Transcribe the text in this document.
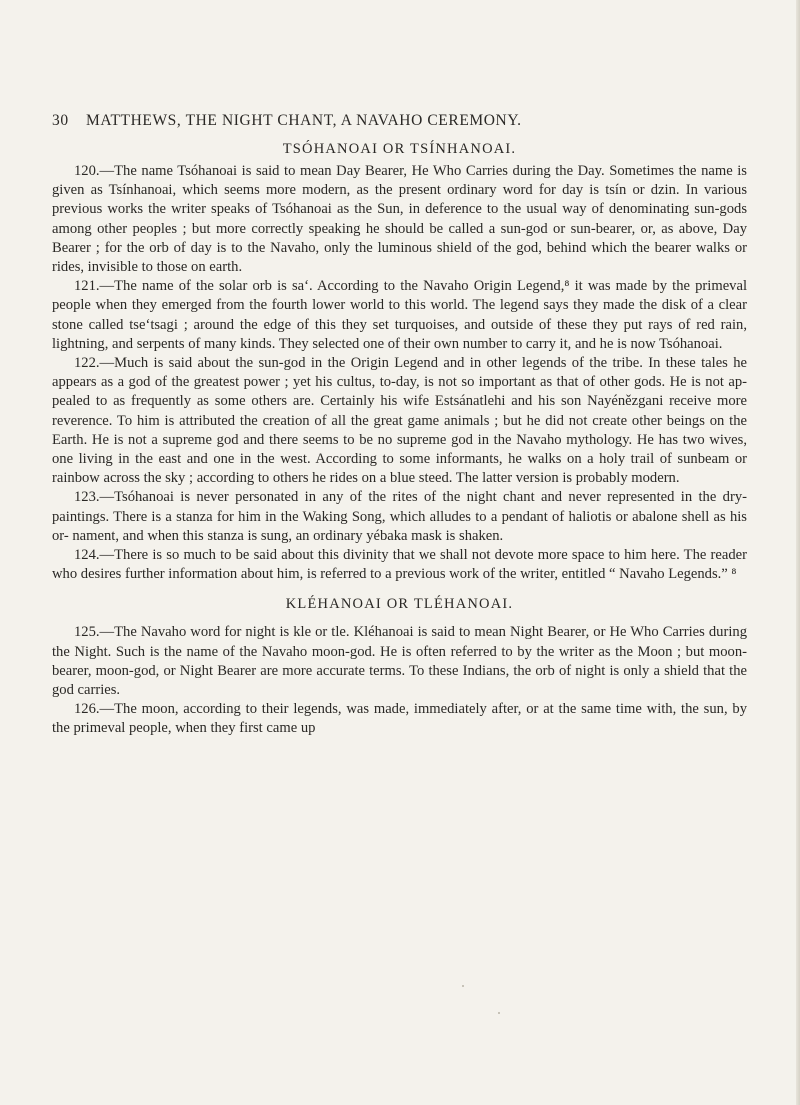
30 MATTHEWS, THE NIGHT CHANT, A NAVAHO CEREMONY.
TSÓHANOAI OR TSÍNHANOAI.

120.—The name Tsóhanoai is said to mean Day Bearer, He Who Carries during the Day. Sometimes the name is given as Tsínhanoai, which seems more modern, as the present ordinary word for day is tsín or dzin. In various previous works the writer speaks of Tsóhanoai as the Sun, in deference to the usual way of denominating sun-gods among other peoples ; but more correctly speaking he should be called a sun-god or sun-bearer, or, as above, Day Bearer ; for the orb of day is to the Navaho, only the luminous shield of the god, behind which the bearer walks or rides, invisible to those on earth.

121.—The name of the solar orb is sa‘. According to the Navaho Origin Legend,⁸ it was made by the primeval people when they emerged from the fourth lower world to this world. The legend says they made the disk of a clear stone called tse‘tsagi ; around the edge of this they set turquoises, and outside of these they put rays of red rain, lightning, and serpents of many kinds. They selected one of their own number to carry it, and he is now Tsóhanoai.

122.—Much is said about the sun-god in the Origin Legend and in other legends of the tribe. In these tales he appears as a god of the greatest power ; yet his cultus, to-day, is not so important as that of other gods. He is not ap- pealed to as frequently as some others are. Certainly his wife Estsánatlehi and his son Nayénězgani receive more reverence. To him is attributed the creation of all the great game animals ; but he did not create other beings on the Earth. He is not a supreme god and there seems to be no supreme god in the Navaho mythology. He has two wives, one living in the east and one in the west. According to some informants, he walks on a holy trail of sunbeam or rainbow across the sky ; according to others he rides on a blue steed. The latter version is probably modern.

123.—Tsóhanoai is never personated in any of the rites of the night chant and never represented in the dry-paintings. There is a stanza for him in the Waking Song, which alludes to a pendant of haliotis or abalone shell as his or- nament, and when this stanza is sung, an ordinary yébaka mask is shaken.

124.—There is so much to be said about this divinity that we shall not devote more space to him here. The reader who desires further information about him, is referred to a previous work of the writer, entitled “ Navaho Legends.” ⁸

KLÉHANOAI OR TLÉHANOAI.

125.—The Navaho word for night is kle or tle. Kléhanoai is said to mean Night Bearer, or He Who Carries during the Night. Such is the name of the Navaho moon-god. He is often referred to by the writer as the Moon ; but moon- bearer, moon-god, or Night Bearer are more accurate terms. To these Indians, the orb of night is only a shield that the god carries.

126.—The moon, according to their legends, was made, immediately after, or at the same time with, the sun, by the primeval people, when they first came up
